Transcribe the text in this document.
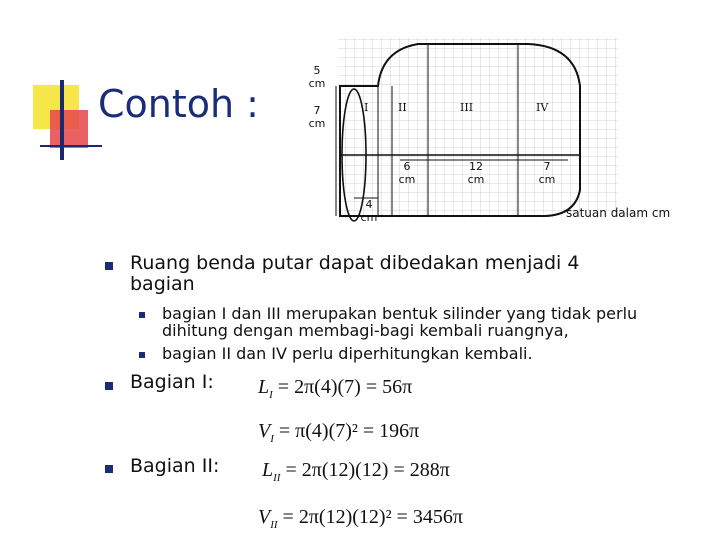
Contoh :
5 cm
7 cm
I	II	III	IV
6 cm
12 cm
7 cm
4 cm	satuan dalam cm
Ruang benda putar dapat dibedakan menjadi 4 bagian
bagian I dan III merupakan bentuk silinder yang tidak perlu dihitung dengan membagi-bagi kembali ruangnya,
bagian II dan IV perlu diperhitungkan kembali.
Bagian I: $L_I = 2\pi(4)(7) = 56\pi$
$V_I = \pi(4)(7)^2 = 196\pi$
Bagian II: $L_{II} = 2\pi(12)(12) = 288\pi$
$V_{II} = 2\pi(12)(12)^2 = 3456\pi$
